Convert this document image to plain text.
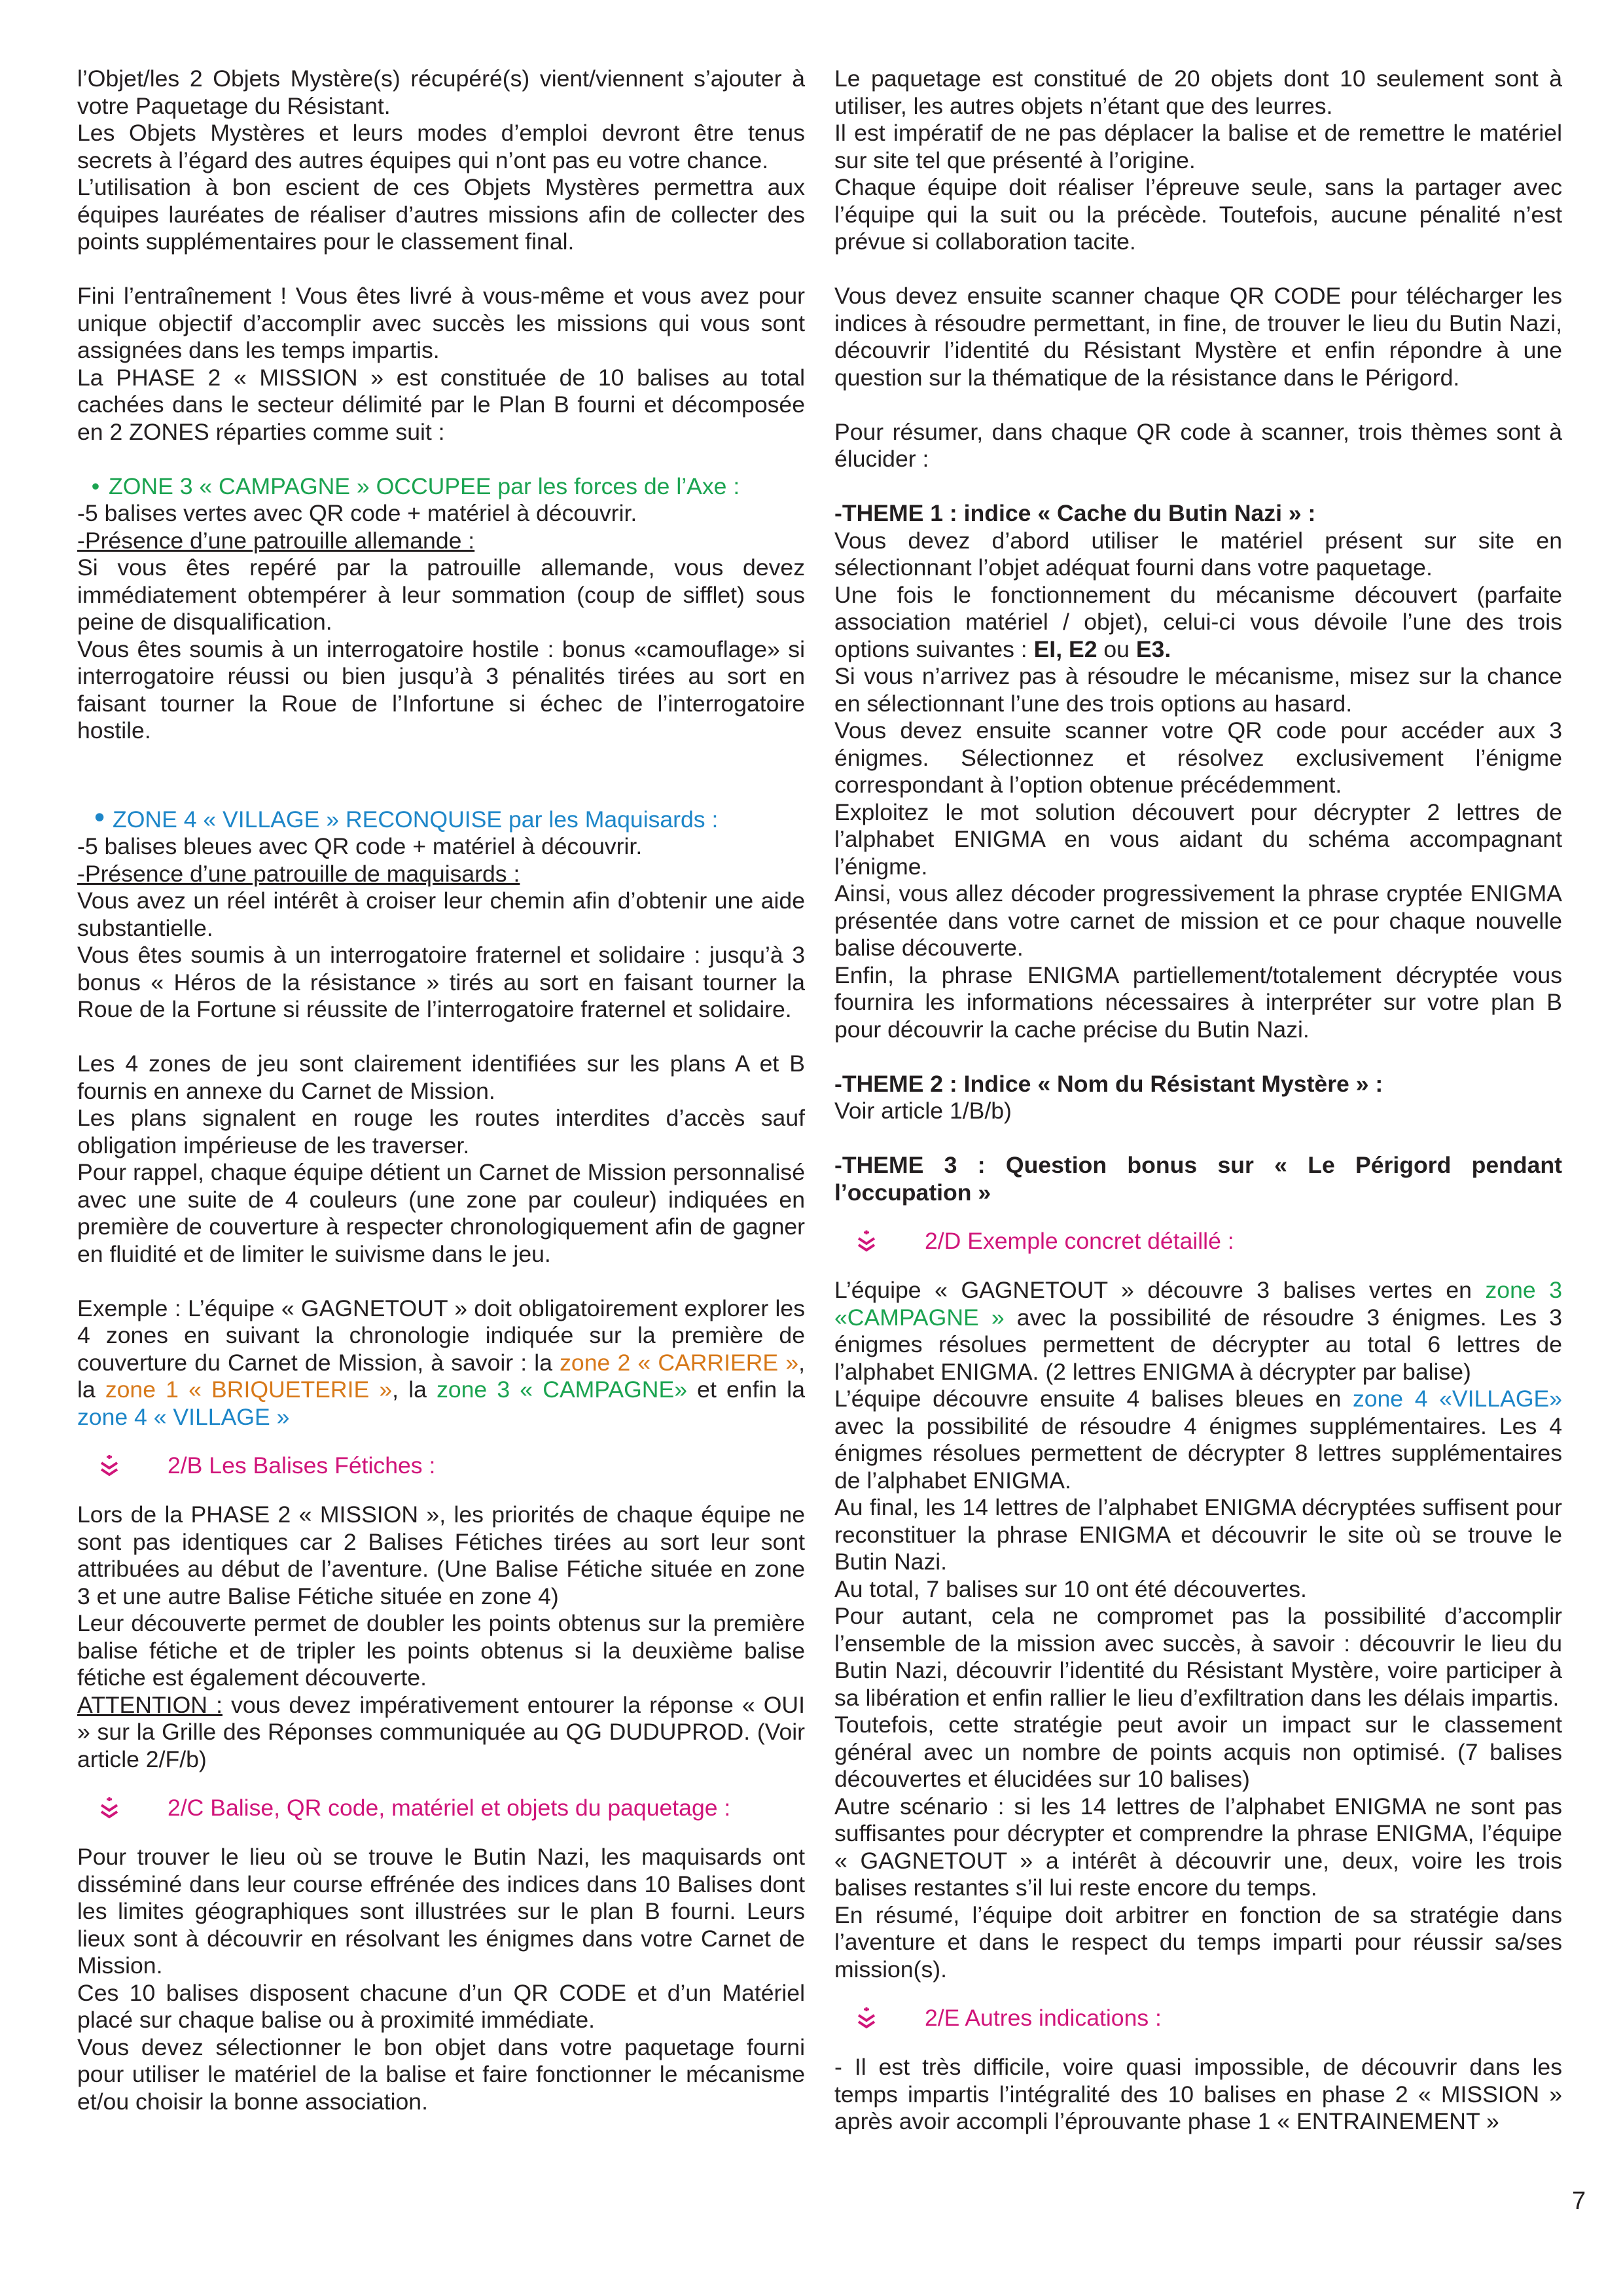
l’Objet/les 2 Objets Mystère(s) récupéré(s) vient/viennent s’ajouter à votre Paquetage du Résistant.

Les Objets Mystères et leurs modes d’emploi devront être tenus secrets à l’égard des autres équipes qui n’ont pas eu votre chance.

L’utilisation à bon escient de ces Objets Mystères permettra aux équipes lauréates de réaliser d’autres missions afin de collecter des points supplémentaires pour le classement final.

Fini l’entraînement ! Vous êtes livré à vous-même et vous avez pour unique objectif d’accomplir avec succès les missions qui vous sont assignées dans les temps impartis.

La PHASE 2 « MISSION » est constituée de 10 balises au total cachées dans le secteur délimité par le Plan B fourni et décomposée en 2 ZONES réparties comme suit :

• ZONE 3 « CAMPAGNE » OCCUPEE par les forces de l’Axe :

-5 balises vertes avec QR code + matériel à découvrir.

-Présence d’une patrouille allemande :

Si vous êtes repéré par la patrouille allemande, vous devez immédiatement obtempérer à leur sommation (coup de sifflet) sous peine de disqualification.

Vous êtes soumis à un interrogatoire hostile : bonus «camouflage» si interrogatoire réussi ou bien jusqu’à 3 pénalités tirées au sort en faisant tourner la Roue de l’Infortune si échec de l’interrogatoire hostile.

• ZONE 4 « VILLAGE » RECONQUISE par les Maquisards :

-5 balises bleues avec QR code + matériel à découvrir.

-Présence d’une patrouille de maquisards :

Vous avez un réel intérêt à croiser leur chemin afin d’obtenir une aide substantielle.

Vous êtes soumis à un interrogatoire fraternel et solidaire : jusqu’à 3 bonus « Héros de la résistance » tirés au sort en faisant tourner la Roue de la Fortune si réussite de l’interrogatoire fraternel et solidaire.

Les 4 zones de jeu sont clairement identifiées sur les plans A et B fournis en annexe du Carnet de Mission.

Les plans signalent en rouge les routes interdites d’accès sauf obligation impérieuse de les traverser.

Pour rappel, chaque équipe détient un Carnet de Mission personnalisé avec une suite de 4 couleurs (une zone par couleur) indiquées en première de couverture à respecter chronologiquement afin de gagner en fluidité et de limiter le suivisme dans le jeu.

Exemple : L’équipe « GAGNETOUT » doit obligatoirement explorer les 4 zones en suivant la chronologie indiquée sur la première de couverture du Carnet de Mission, à savoir : la zone 2 « CARRIERE », la zone 1 « BRIQUETERIE », la zone 3 « CAMPAGNE» et enfin la zone 4 « VILLAGE »

2/B Les Balises Fétiches :

Lors de la PHASE 2 « MISSION », les priorités de chaque équipe ne sont pas identiques car 2 Balises Fétiches tirées au sort leur sont attribuées au début de l’aventure. (Une Balise Fétiche située en zone 3 et une autre Balise Fétiche située en zone 4)

Leur découverte permet de doubler les points obtenus sur la première balise fétiche et de tripler les points obtenus si la deuxième balise fétiche est également découverte.

ATTENTION : vous devez impérativement entourer la réponse « OUI » sur la Grille des Réponses communiquée au QG DUDUPROD. (Voir article 2/F/b)

2/C Balise, QR code, matériel et objets du paquetage :

Pour trouver le lieu où se trouve le Butin Nazi, les maquisards ont disséminé dans leur course effrénée des indices dans 10 Balises dont les limites géographiques sont illustrées sur le plan B fourni. Leurs lieux sont à découvrir en résolvant les énigmes dans votre Carnet de Mission.

Ces 10 balises disposent chacune d’un QR CODE et d’un Matériel placé sur chaque balise ou à proximité immédiate.

Vous devez sélectionner le bon objet dans votre paquetage fourni pour utiliser le matériel de la balise et faire fonctionner le mécanisme et/ou choisir la bonne association.

Le paquetage est constitué de 20 objets dont 10 seulement sont à utiliser, les autres objets n’étant que des leurres.

Il est impératif de ne pas déplacer la balise et de remettre le matériel sur site tel que présenté à l’origine.

Chaque équipe doit réaliser l’épreuve seule, sans la partager avec l’équipe qui la suit ou la précède. Toutefois, aucune pénalité n’est prévue si collaboration tacite.

Vous devez ensuite scanner chaque QR CODE pour télécharger les indices à résoudre permettant, in fine, de trouver le lieu du Butin Nazi, découvrir l’identité du Résistant Mystère et enfin répondre à une question sur la thématique de la résistance dans le Périgord.

Pour résumer, dans chaque QR code à scanner, trois thèmes sont à élucider :

-THEME 1 : indice « Cache du Butin Nazi » :

Vous devez d’abord utiliser le matériel présent sur site en sélectionnant l’objet adéquat fourni dans votre paquetage.

Une fois le fonctionnement du mécanisme découvert (parfaite association matériel / objet), celui-ci vous dévoile l’une des trois options suivantes : EI, E2 ou E3.

Si vous n’arrivez pas à résoudre le mécanisme, misez sur la chance en sélectionnant l’une des trois options au hasard.

Vous devez ensuite scanner votre QR code pour accéder aux 3 énigmes. Sélectionnez et résolvez exclusivement l’énigme correspondant à l’option obtenue précédemment.

Exploitez le mot solution découvert pour décrypter 2 lettres de l’alphabet ENIGMA en vous aidant du schéma accompagnant l’énigme.

Ainsi, vous allez décoder progressivement la phrase cryptée ENIGMA présentée dans votre carnet de mission et ce pour chaque nouvelle balise découverte.

Enfin, la phrase ENIGMA partiellement/totalement décryptée vous fournira les informations nécessaires à interpréter sur votre plan B pour découvrir la cache précise du Butin Nazi.

-THEME 2 : Indice « Nom du Résistant Mystère » :

Voir article 1/B/b)

-THEME 3 : Question bonus sur « Le Périgord pendant l’occupation »

2/D Exemple concret détaillé :

L’équipe « GAGNETOUT » découvre 3 balises vertes en zone 3 «CAMPAGNE » avec la possibilité de résoudre 3 énigmes. Les 3 énigmes résolues permettent de décrypter au total 6 lettres de l’alphabet ENIGMA. (2 lettres ENIGMA à décrypter par balise)

L’équipe découvre ensuite 4 balises bleues en zone 4 «VILLAGE» avec la possibilité de résoudre 4 énigmes supplémentaires. Les 4 énigmes résolues permettent de décrypter 8 lettres supplémentaires de l’alphabet ENIGMA.

Au final, les 14 lettres de l’alphabet ENIGMA décryptées suffisent pour reconstituer la phrase ENIGMA et découvrir le site où se trouve le Butin Nazi.

Au total, 7 balises sur 10 ont été découvertes.

Pour autant, cela ne compromet pas la possibilité d’accomplir l’ensemble de la mission avec succès, à savoir : découvrir le lieu du Butin Nazi, découvrir l’identité du Résistant Mystère, voire participer à sa libération et enfin rallier le lieu d’exfiltration dans les délais impartis.

Toutefois, cette stratégie peut avoir un impact sur le classement général avec un nombre de points acquis non optimisé. (7 balises découvertes et élucidées sur 10 balises)

Autre scénario : si les 14 lettres de l’alphabet ENIGMA ne sont pas suffisantes pour décrypter et comprendre la phrase ENIGMA, l’équipe « GAGNETOUT » a intérêt à découvrir une, deux, voire les trois balises restantes s’il lui reste encore du temps.

En résumé, l’équipe doit arbitrer en fonction de sa stratégie dans l’aventure et dans le respect du temps imparti pour réussir sa/ses mission(s).

2/E Autres indications :

- Il est très difficile, voire quasi impossible, de découvrir dans les temps impartis l’intégralité des 10 balises en phase 2 « MISSION » après avoir accompli l’éprouvante phase 1 « ENTRAINEMENT »

7
